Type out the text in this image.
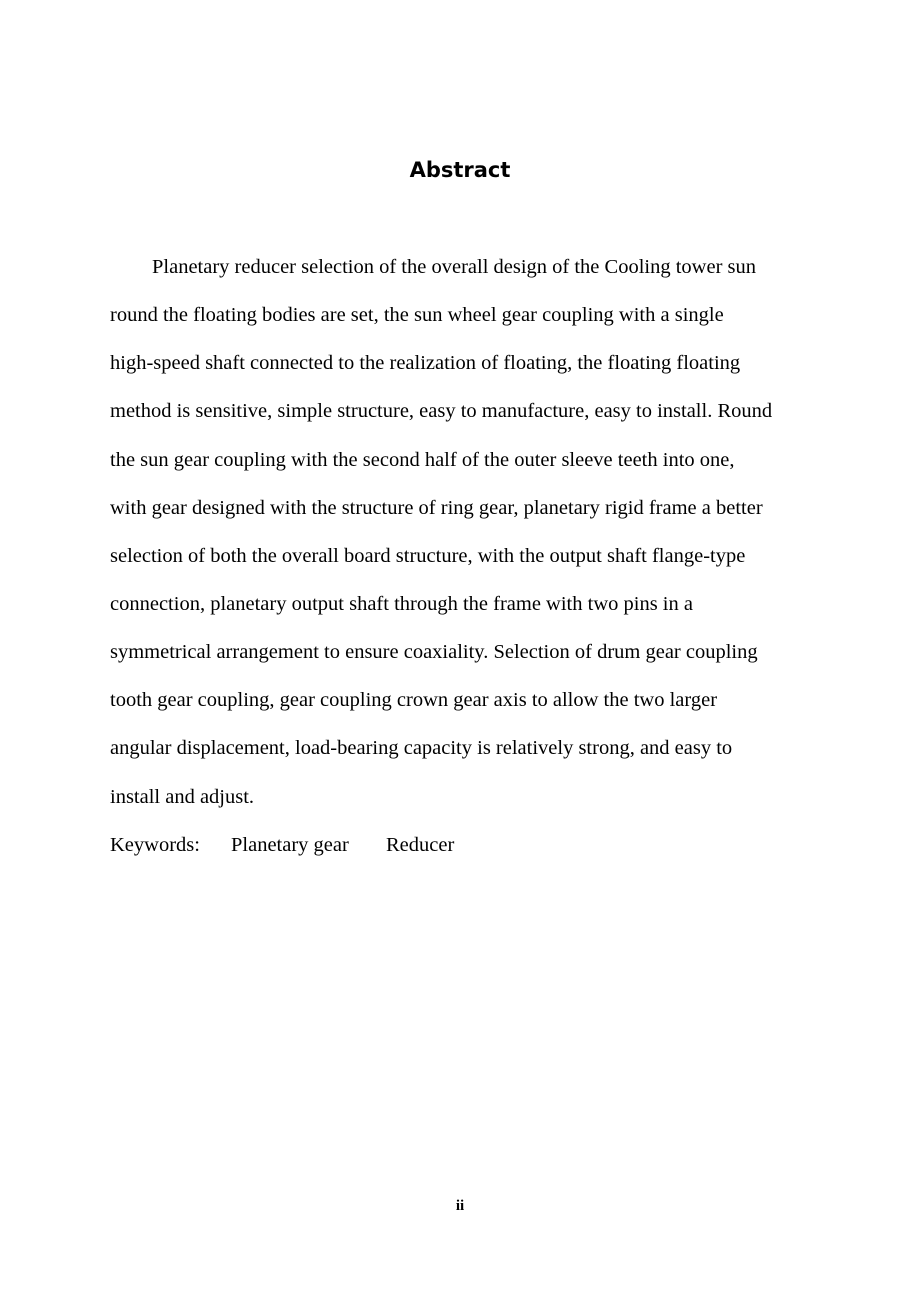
Abstract
Planetary reducer selection of the overall design of the Cooling tower sun
round the floating bodies are set, the sun wheel gear coupling with a single
high-speed shaft connected to the realization of floating, the floating floating
method is sensitive, simple structure, easy to manufacture, easy to install. Round
the sun gear coupling with the second half of the outer sleeve teeth into one,
with gear designed with the structure of ring gear, planetary rigid frame a better
selection of both the overall board structure, with the output shaft flange-type
connection, planetary output shaft through the frame with two pins in a
symmetrical arrangement to ensure coaxiality. Selection of drum gear coupling
tooth gear coupling, gear coupling crown gear axis to allow the two larger
angular displacement, load-bearing capacity is relatively strong, and easy to
install and adjust.
Keywords: Planetary gear Reducer
ii
